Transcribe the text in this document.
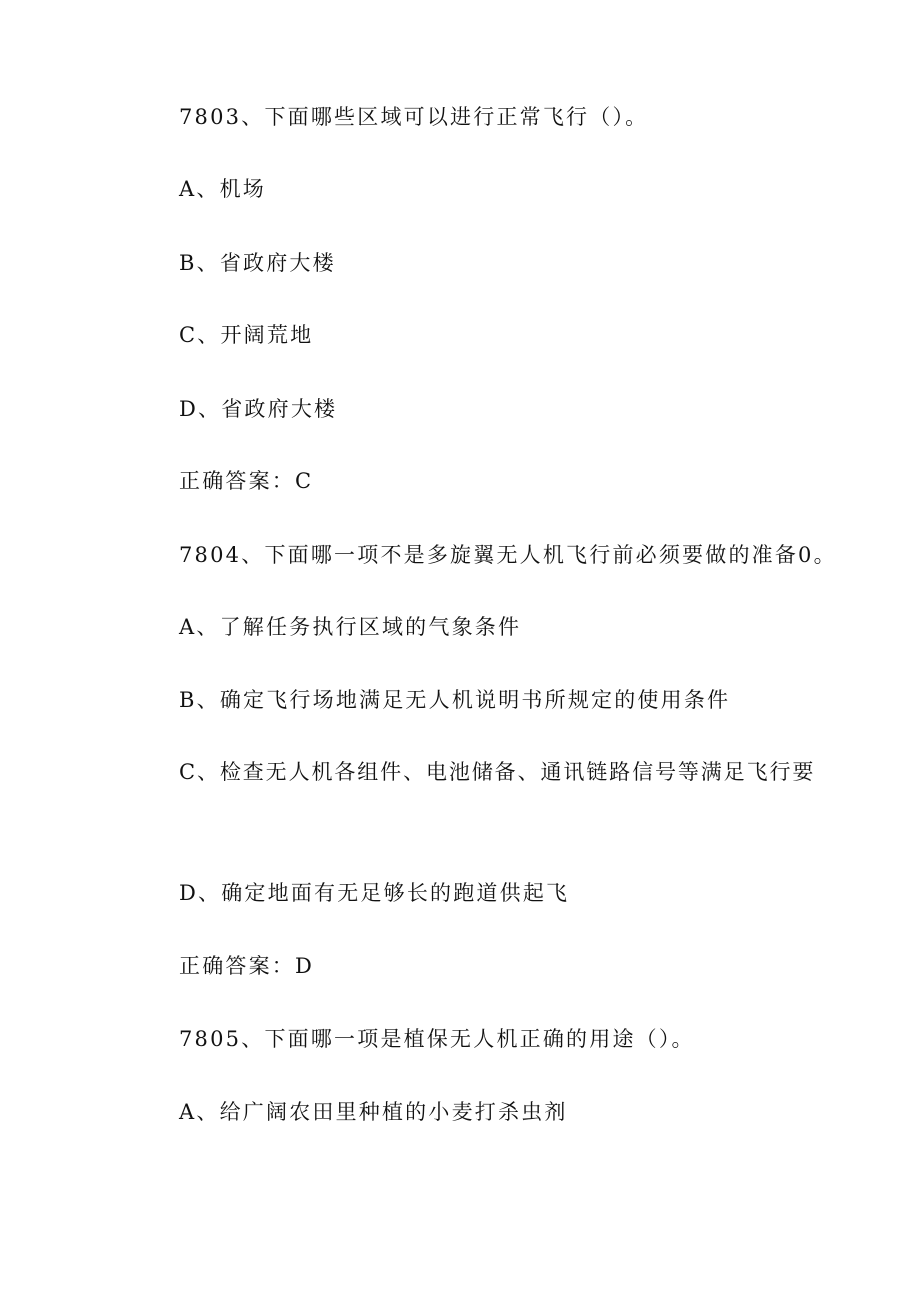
7803、下面哪些区域可以进行正常飞行（）。
A、机场
B、省政府大楼
C、开阔荒地
D、省政府大楼
正确答案：C
7804、下面哪一项不是多旋翼无人机飞行前必须要做的准备0。
A、了解任务执行区域的气象条件
B、确定飞行场地满足无人机说明书所规定的使用条件
C、检查无人机各组件、电池储备、通讯链路信号等满足飞行要
D、确定地面有无足够长的跑道供起飞
正确答案：D
7805、下面哪一项是植保无人机正确的用途（）。
A、给广阔农田里种植的小麦打杀虫剂
